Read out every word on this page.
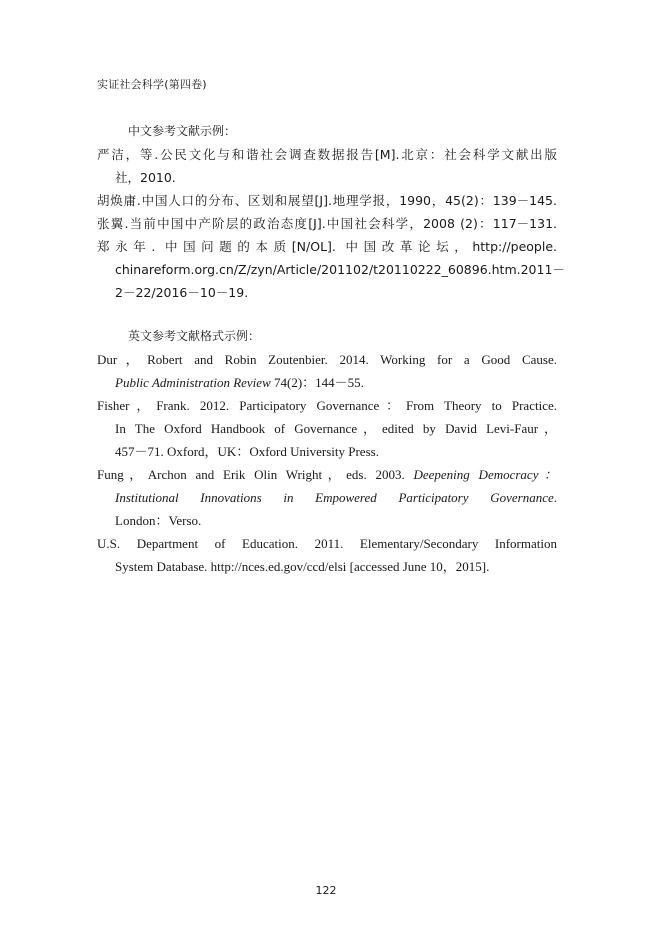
实证社会科学(第四卷)
中文参考文献示例：
严洁，等.公民文化与和谐社会调查数据报告[M].北京：社会科学文献出版
社，2010.
胡焕庸.中国人口的分布、区划和展望[J].地理学报，1990，45(2)：139－145.
张翼.当前中国中产阶层的政治态度[J].中国社会科学，2008 (2)：117－131.
郑永年. 中国问题的本质[N/OL]. 中国改革论坛，http://people.
chinareform.org.cn/Z/zyn/Article/201102/t20110222_60896.htm.2011－
2－22/2016－10－19.
英文参考文献格式示例：
Dur，Robert and Robin Zoutenbier. 2014. Working for a Good Cause.
Public Administration Review 74(2)：144－55.
Fisher，Frank. 2012. Participatory Governance：From Theory to Practice.
In The Oxford Handbook of Governance，edited by David Levi-Faur，
457－71. Oxford，UK：Oxford University Press.
Fung，Archon and Erik Olin Wright，eds. 2003. Deepening Democracy：
Institutional Innovations in Empowered Participatory Governance.
London：Verso.
U.S. Department of Education. 2011. Elementary/Secondary Information
System Database. http://nces.ed.gov/ccd/elsi [accessed June 10，2015].
122
